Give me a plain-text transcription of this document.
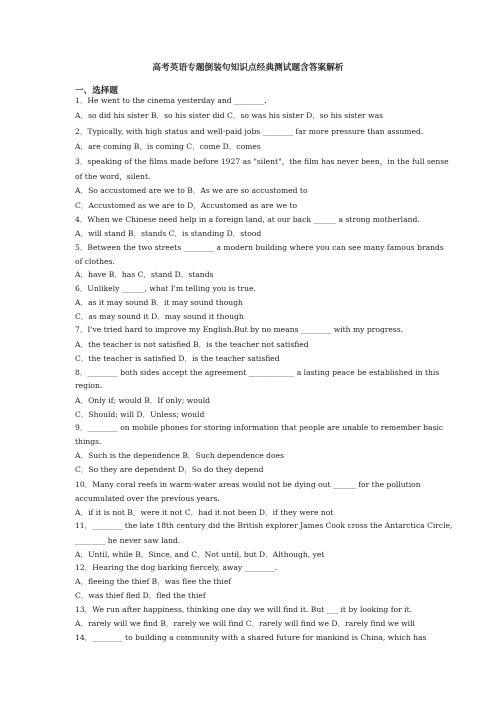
高考英语专题倒装句知识点经典测试题含答案解析
一、选择题
1．He went to the cinema yesterday and ________.
A．so did his sister B．so his sister did C．so was his sister D．so his sister was
2．Typically, with high status and well-paid jobs ________ far more pressure than assumed.
A．are coming B．is coming C．come D．comes
3．speaking of the films made before 1927 as "silent"，the film has never been，in the full sense
of the word，silent.
A．So accustomed are we to B．As we are so accustomed to
C．Accustomed as we are to D．Accustomed as are we to
4．When we Chinese need help in a foreign land, at our back ______ a strong motherland.
A．will stand B．stands C．is standing D．stood
5．Between the two streets ________ a modern building where you can see many famous brands
of clothes.
A．have B．has C．stand D．stands
6．Unlikely ______, what I'm telling you is true.
A．as it may sound B．it may sound though
C．as may sound it D．may sound it though
7．I've tried hard to improve my English.But by no means ________ with my progress.
A．the teacher is not satisfied B．is the teacher not satisfied
C．the teacher is satisfied D．is the teacher satisfied
8．________ both sides accept the agreement ____________ a lasting peace be established in this
region.
A．Only if; would B．If only; would
C．Should; will D．Unless; would
9．________ on mobile phones for storing information that people are unable to remember basic
things.
A．Such is the dependence B．Such dependence does
C．So they are dependent D．So do they depend
10．Many coral reefs in warm-water areas would not be dying out ______ for the pollution
accumulated over the previous years.
A．if it is not B．were it not C．had it not been D．if they were not
11．________ the late 18th century did the British explorer James Cook cross the Antarctica Circle,
________ he never saw land.
A．Until, while B．Since, and C．Not until, but D．Although, yet
12．Hearing the dog barking fiercely, away ________.
A．fleeing the thief B．was flee the thief
C．was thief fled D．fled the thief
13．We run after happiness, thinking one day we will find it. But ___ it by looking for it.
A．rarely will we find B．rarely we will find C．rarely will find we D．rarely find we will
14．________ to building a community with a shared future for mankind is China, which has
